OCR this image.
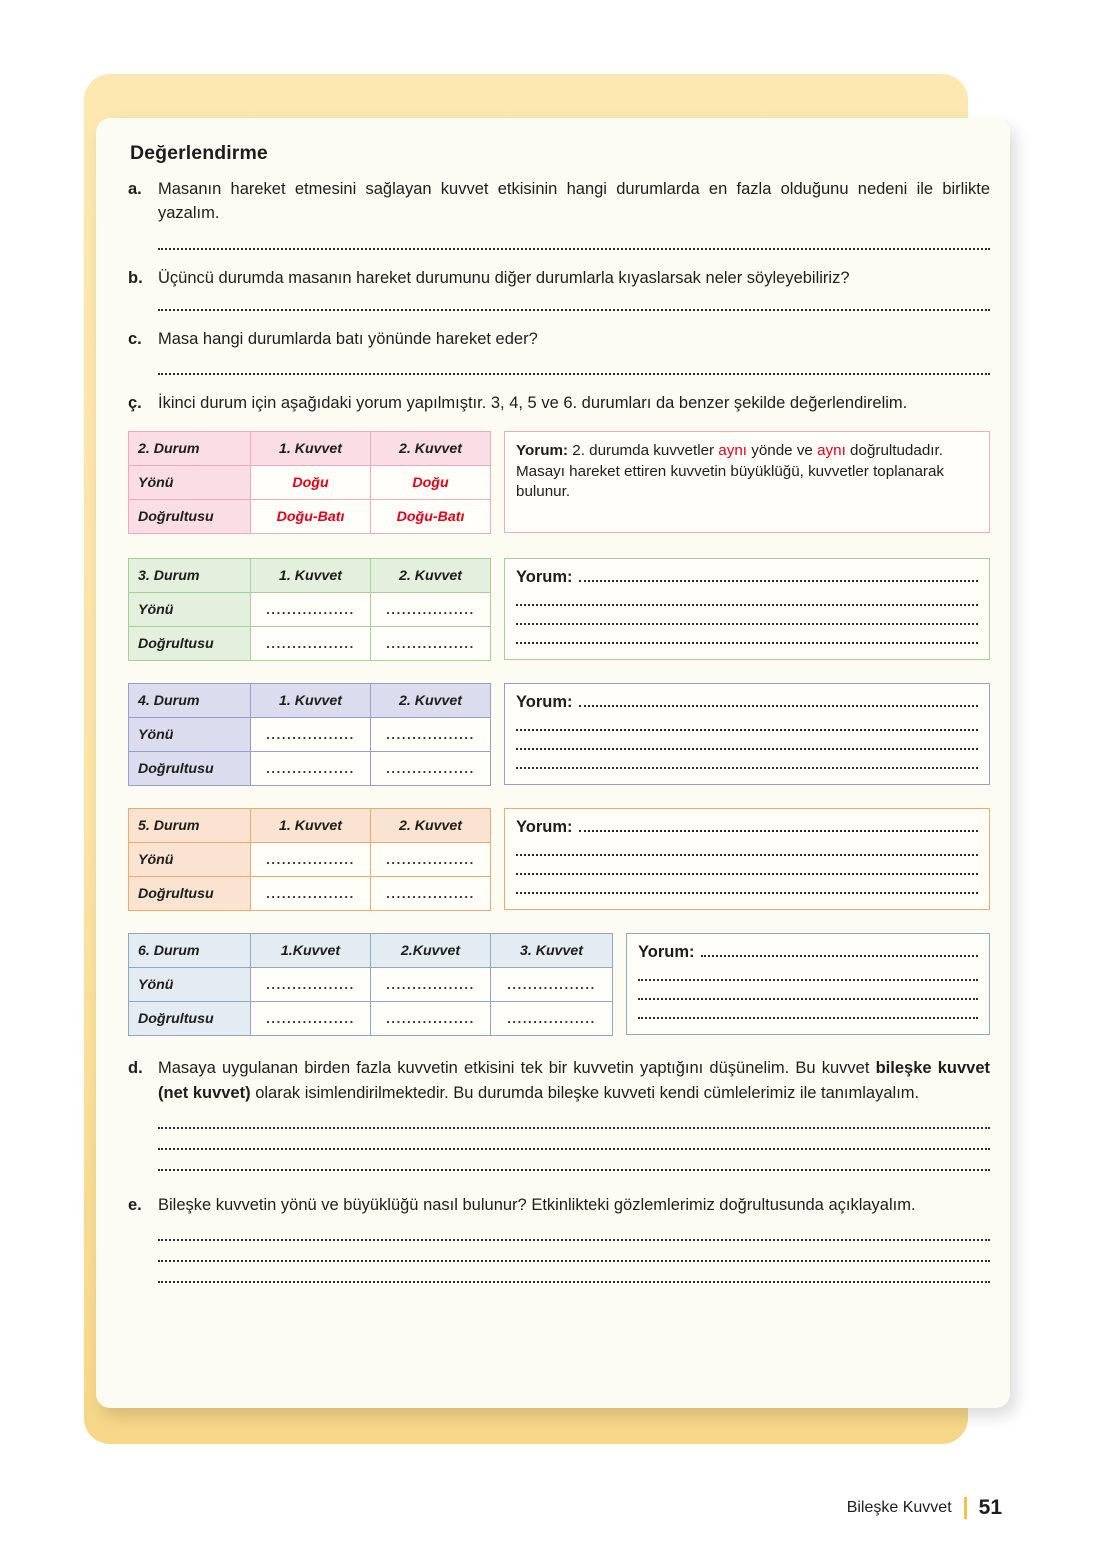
Değerlendirme
a. Masanın hareket etmesini sağlayan kuvvet etkisinin hangi durumlarda en fazla olduğunu nedeni ile birlikte yazalım.
b. Üçüncü durumda masanın hareket durumunu diğer durumlarla kıyaslarsak neler söyleyebiliriz?
c. Masa hangi durumlarda batı yönünde hareket eder?
ç. İkinci durum için aşağıdaki yorum yapılmıştır. 3, 4, 5 ve 6. durumları da benzer şekilde değerlendirelim.
2. Durum	1. Kuvvet	2. Kuvvet
Yönü	Doğu	Doğu
Doğrultusu	Doğu-Batı	Doğu-Batı
Yorum: 2. durumda kuvvetler aynı yönde ve aynı doğrultudadır. Masayı hareket ettiren kuvvetin büyüklüğü, kuvvetler toplanarak bulunur.
3. Durum	1. Kuvvet	2. Kuvvet
Yönü	.................	.................
Doğrultusu	.................	.................
Yorum:
4. Durum	1. Kuvvet	2. Kuvvet
Yönü	.................	.................
Doğrultusu	.................	.................
Yorum:
5. Durum	1. Kuvvet	2. Kuvvet
Yönü	.................	.................
Doğrultusu	.................	.................
Yorum:
6. Durum	1.Kuvvet	2.Kuvvet	3. Kuvvet
Yönü	.................	.................	.................
Doğrultusu	.................	.................	.................
Yorum:
d. Masaya uygulanan birden fazla kuvvetin etkisini tek bir kuvvetin yaptığını düşünelim. Bu kuvvet bileşke kuvvet (net kuvvet) olarak isimlendirilmektedir. Bu durumda bileşke kuvveti kendi cümlelerimiz ile tanımlayalım.
e. Bileşke kuvvetin yönü ve büyüklüğü nasıl bulunur? Etkinlikteki gözlemlerimiz doğrultusunda açıklayalım.
Bileşke Kuvvet 51
